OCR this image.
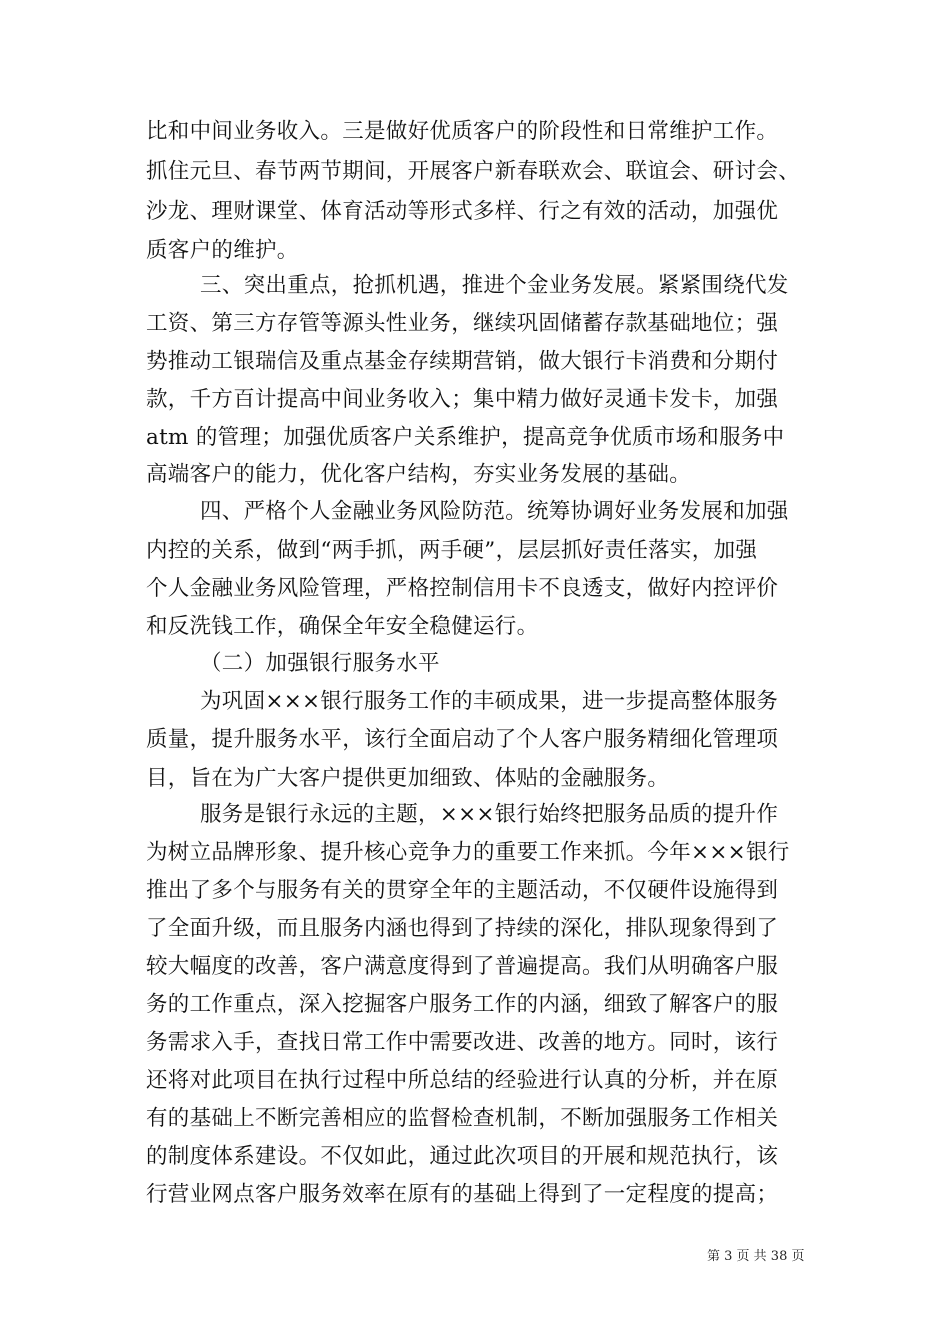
比和中间业务收入。三是做好优质客户的阶段性和日常维护工作。
抓住元旦、春节两节期间，开展客户新春联欢会、联谊会、研讨会、
沙龙、理财课堂、体育活动等形式多样、行之有效的活动，加强优
质客户的维护。
三、突出重点，抢抓机遇，推进个金业务发展。紧紧围绕代发
工资、第三方存管等源头性业务，继续巩固储蓄存款基础地位；强
势推动工银瑞信及重点基金存续期营销，做大银行卡消费和分期付
款，千方百计提高中间业务收入；集中精力做好灵通卡发卡，加强
atm 的管理；加强优质客户关系维护，提高竞争优质市场和服务中
高端客户的能力，优化客户结构，夯实业务发展的基础。
四、严格个人金融业务风险防范。统筹协调好业务发展和加强
内控的关系，做到“两手抓，两手硬”，层层抓好责任落实，加强
个人金融业务风险管理，严格控制信用卡不良透支，做好内控评价
和反洗钱工作，确保全年安全稳健运行。
（二）加强银行服务水平
为巩固×××银行服务工作的丰硕成果，进一步提高整体服务
质量，提升服务水平，该行全面启动了个人客户服务精细化管理项
目，旨在为广大客户提供更加细致、体贴的金融服务。
服务是银行永远的主题，×××银行始终把服务品质的提升作
为树立品牌形象、提升核心竞争力的重要工作来抓。今年×××银行
推出了多个与服务有关的贯穿全年的主题活动，不仅硬件设施得到
了全面升级，而且服务内涵也得到了持续的深化，排队现象得到了
较大幅度的改善，客户满意度得到了普遍提高。我们从明确客户服
务的工作重点，深入挖掘客户服务工作的内涵，细致了解客户的服
务需求入手，查找日常工作中需要改进、改善的地方。同时，该行
还将对此项目在执行过程中所总结的经验进行认真的分析，并在原
有的基础上不断完善相应的监督检查机制，不断加强服务工作相关
的制度体系建设。不仅如此，通过此次项目的开展和规范执行，该
行营业网点客户服务效率在原有的基础上得到了一定程度的提高；
第 3 页 共 38 页
